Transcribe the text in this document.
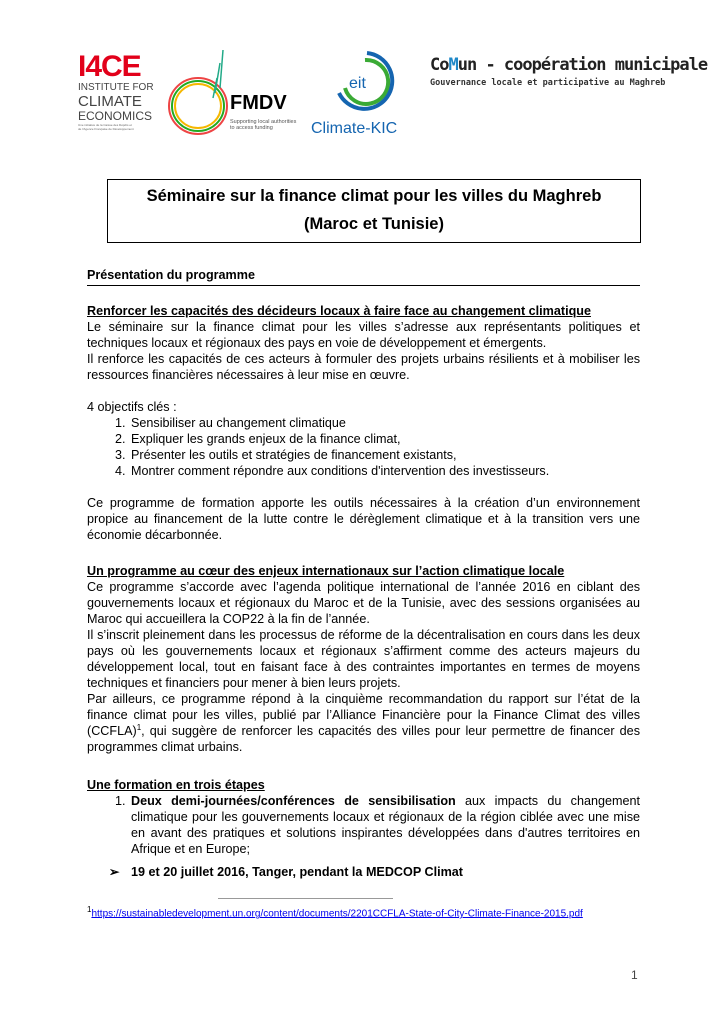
I4CE
INSTITUTE FOR
CLIMATE
ECONOMICS
Une initiative de la Caisse des Dépôts et de l'Agence Française de Développement
FMDV
Supporting local authorities
to access funding
eit
Climate-KIC
CoMun - coopération municipale
Gouvernance locale et participative au Maghreb
Séminaire sur la finance climat pour les villes du Maghreb
(Maroc et Tunisie)
Présentation du programme
Renforcer les capacités des décideurs locaux à faire face au changement climatique
Le séminaire sur la finance climat pour les villes s’adresse aux représentants politiques et techniques locaux et régionaux des pays en voie de développement et émergents.
Il renforce les capacités de ces acteurs à formuler des projets urbains résilients et à mobiliser les ressources financières nécessaires à leur mise en œuvre.
4 objectifs clés :
1. Sensibiliser au changement climatique
2. Expliquer les grands enjeux de la finance climat,
3. Présenter les outils et stratégies de financement existants,
4. Montrer comment répondre aux conditions d'intervention des investisseurs.
Ce programme de formation apporte les outils nécessaires à la création d’un environnement propice au financement de la lutte contre le dérèglement climatique et à la transition vers une économie décarbonnée.
Un programme au cœur des enjeux internationaux sur l’action climatique locale
Ce programme s’accorde avec l’agenda politique international de l’année 2016 en ciblant des gouvernements locaux et régionaux du Maroc et de la Tunisie, avec des sessions organisées au Maroc qui accueillera la COP22 à la fin de l’année.
Il s’inscrit pleinement dans les processus de réforme de la décentralisation en cours dans les deux pays où les gouvernements locaux et régionaux s’affirment comme des acteurs majeurs du développement local, tout en faisant face à des contraintes importantes en termes de moyens techniques et financiers pour mener à bien leurs projets.
Par ailleurs, ce programme répond à la cinquième recommandation du rapport sur l’état de la finance climat pour les villes, publié par l’Alliance Financière pour la Finance Climat des villes (CCFLA)$^1$, qui suggère de renforcer les capacités des villes pour leur permettre de financer des programmes climat urbains.
Une formation en trois étapes
1. Deux demi-journées/conférences de sensibilisation aux impacts du changement climatique pour les gouvernements locaux et régionaux de la région ciblée avec une mise en avant des pratiques et solutions inspirantes développées dans d'autres territoires en Afrique et en Europe;
➢ 19 et 20 juillet 2016, Tanger, pendant la MEDCOP Climat
$^1$https://sustainabledevelopment.un.org/content/documents/2201CCFLA-State-of-City-Climate-Finance-2015.pdf
1
